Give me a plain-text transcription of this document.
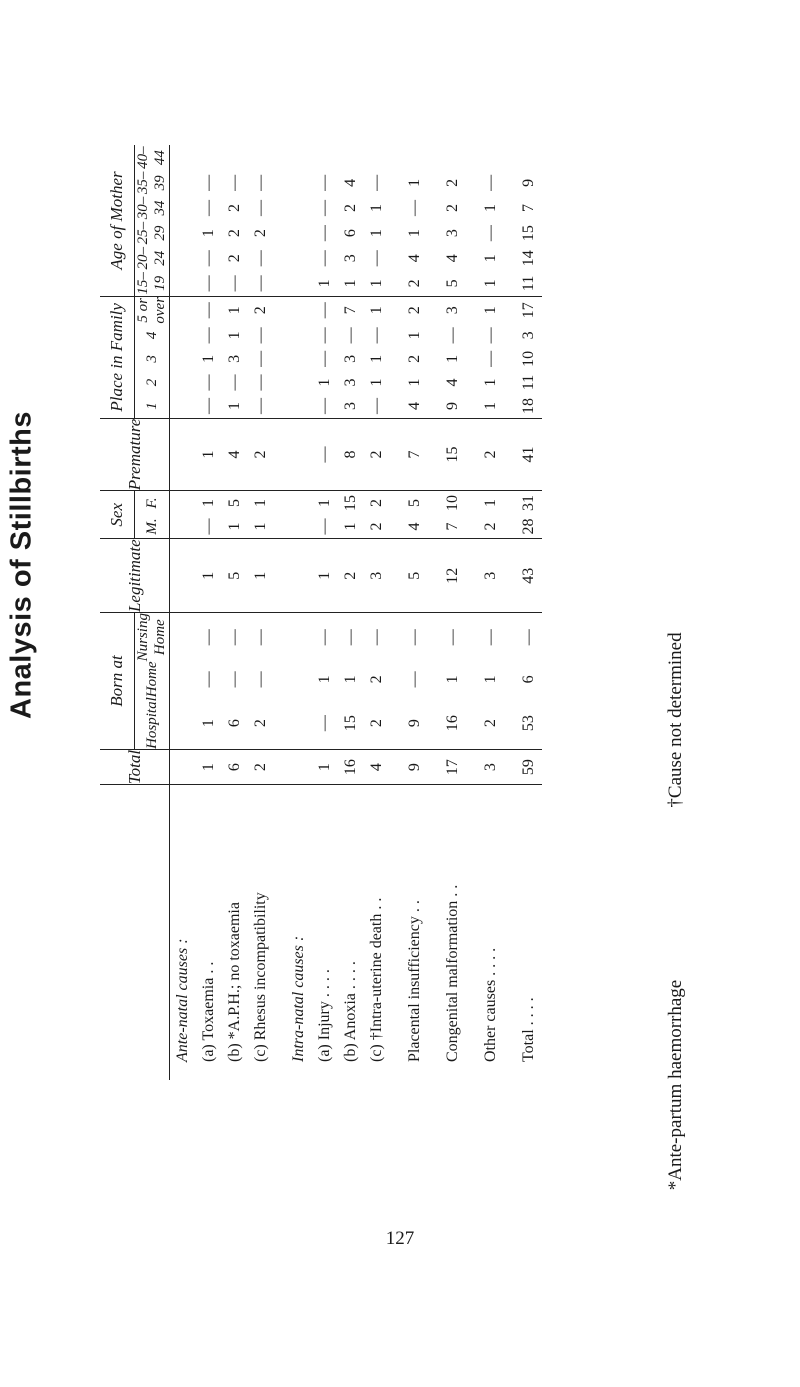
Analysis of Stillbirths
	Total	Born at			Legitimate	Sex		Premature	Place in Family					Age of Mother					
		Hospital	Home	Nursing Home		M.	F.		1	2	3	4	5 or over	15–19	20–24	25–29	30–34	35–39	40–44
Ante-natal causes :																			
(a) Toxaemia . .	1	1	—	—	1	—	1	1	—	—	1	—	—	—	—	1	—	—	
(b) *A.P.H.; no toxaemia	6	6	—	—	5	1	5	4	1	—	3	1	1	—	2	2	2	—	
(c) Rhesus incompatibility	2	2	—	—	1	1	1	2	—	—	—	—	2	—	—	2	—	—	

Intra-natal causes :																			
(a) Injury . . . .	1	—	1	—	1	—	1	—	—	1	—	—	—	1	—	—	—	—	
(b) Anoxia . . . .	16	15	1	—	2	1	15	8	3	3	3	—	7	1	3	6	2	4	
(c) †Intra-uterine death . .	4	2	2	—	3	2	2	2	—	1	1	—	1	1	—	1	1	—	

Placental insufficiency . .	9	9	—	—	5	4	5	7	4	1	2	1	2	2	4	1	—	1	

Congenital malformation . .	17	16	1	—	12	7	10	15	9	4	1	—	3	5	4	3	2	2	

Other causes . . . .	3	2	1	—	3	2	1	2	1	1	—	—	1	1	1	—	1	—	

Total . . . .	59	53	6	—	43	28	31	41	18	11	10	3	17	11	14	15	7	9	
†Cause not determined
*Ante-partum haemorrhage
127
